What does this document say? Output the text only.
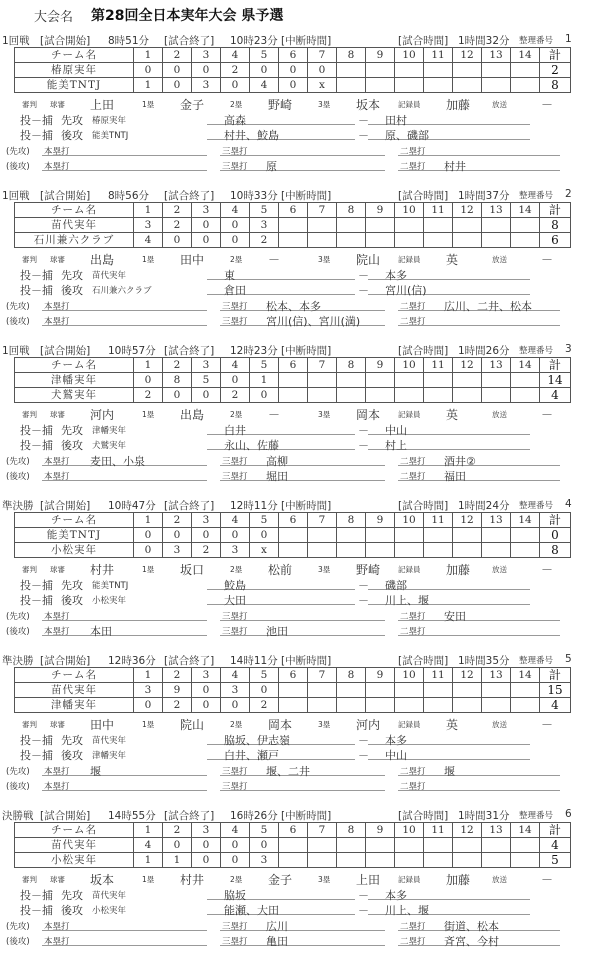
大会名 第28回全日本実年大会 県予選
1回戦 [試合開始] 8時51分 [試合終了] 10時23分 [中断時間]	[試合時間] 1時間32分 整理番号 1
チーム名	1	2	3	4	5	6	7	8	9	10	11	12	13	14	計
椿原実年	0	0	0	2	0	0	0								2
能美TNTJ	1	0	3	0	4	0	x								8
審判 球審 上田	1塁 金子	2塁 野崎	3塁 坂本 記録員 加藤	放送	－
投－捕 先攻 椿原実年	高森	－ 田村
投－捕 後攻 能美TNTJ	村井、鮫島	－ 原、磯部
(先攻) 本塁打	三塁打	二塁打
(後攻) 本塁打	三塁打 原	二塁打 村井
1回戦 [試合開始] 8時56分 [試合終了] 10時33分 [中断時間]	[試合時間] 1時間37分 整理番号 2
チーム名	1	2	3	4	5	6	7	8	9	10	11	12	13	14	計
苗代実年	3	2	0	0	3										8
石川兼六クラブ	4	0	0	0	2										6
審判 球審 出島	1塁 田中	2塁 －	3塁 院山 記録員 英	放送	－
投－捕 先攻 苗代実年	東	－ 本多
投－捕 後攻 石川兼六クラブ	倉田	－ 宮川(信)
(先攻) 本塁打	三塁打 松本、本多	二塁打 広川、二井、松本
(後攻) 本塁打	三塁打 宮川(信)、宮川(満)	二塁打
1回戦 [試合開始] 10時57分 [試合終了] 12時23分 [中断時間]	[試合時間] 1時間26分 整理番号 3
チーム名	1	2	3	4	5	6	7	8	9	10	11	12	13	14	計
津幡実年	0	8	5	0	1										14
犬鷲実年	2	0	0	2	0										4
審判 球審 河内	1塁 出島	2塁 －	3塁 岡本 記録員 英	放送	－
投－捕 先攻 津幡実年	白井	－ 中山
投－捕 後攻 犬鷲実年	永山、佐藤	－ 村上
(先攻) 本塁打 麦田、小泉	三塁打 高柳	二塁打 酒井②
(後攻) 本塁打	三塁打 堀田	二塁打 福田
準決勝 [試合開始] 10時47分 [試合終了] 12時11分 [中断時間]	[試合時間] 1時間24分 整理番号 4
チーム名	1	2	3	4	5	6	7	8	9	10	11	12	13	14	計
能美TNTJ	0	0	0	0	0										0
小松実年	0	3	2	3	x										8
審判 球審 村井	1塁 坂口	2塁 松前	3塁 野崎 記録員 加藤	放送	－
投－捕 先攻 能美TNTJ	鮫島	－ 磯部
投－捕 後攻 小松実年	大田	－ 川上、堰
(先攻) 本塁打	三塁打	二塁打 安田
(後攻) 本塁打 本田	三塁打 池田	二塁打
準決勝 [試合開始] 12時36分 [試合終了] 14時11分 [中断時間]	[試合時間] 1時間35分 整理番号 5
チーム名	1	2	3	4	5	6	7	8	9	10	11	12	13	14	計
苗代実年	3	9	0	3	0										15
津幡実年	0	2	0	0	2										4
審判 球審 田中	1塁 院山	2塁 岡本	3塁 河内 記録員 英	放送	－
投－捕 先攻 苗代実年	脇坂、伊志嶺	－ 本多
投－捕 後攻 津幡実年	白井、瀬戸	－ 中山
(先攻) 本塁打 堰	三塁打 堰、二井	二塁打 堰
(後攻) 本塁打	三塁打	二塁打
決勝戦 [試合開始] 14時55分 [試合終了] 16時26分 [中断時間]	[試合時間] 1時間31分 整理番号 6
チーム名	1	2	3	4	5	6	7	8	9	10	11	12	13	14	計
苗代実年	4	0	0	0	0										4
小松実年	1	1	0	0	3										5
審判 球審 坂本	1塁 村井	2塁 金子	3塁 上田 記録員 加藤	放送	－
投－捕 先攻 苗代実年	脇坂	－ 本多
投－捕 後攻 小松実年	能瀬、大田	－ 川上、堰
(先攻) 本塁打	三塁打 広川	二塁打 街道、松本
(後攻) 本塁打	三塁打 亀田	二塁打 斉宮、今村
